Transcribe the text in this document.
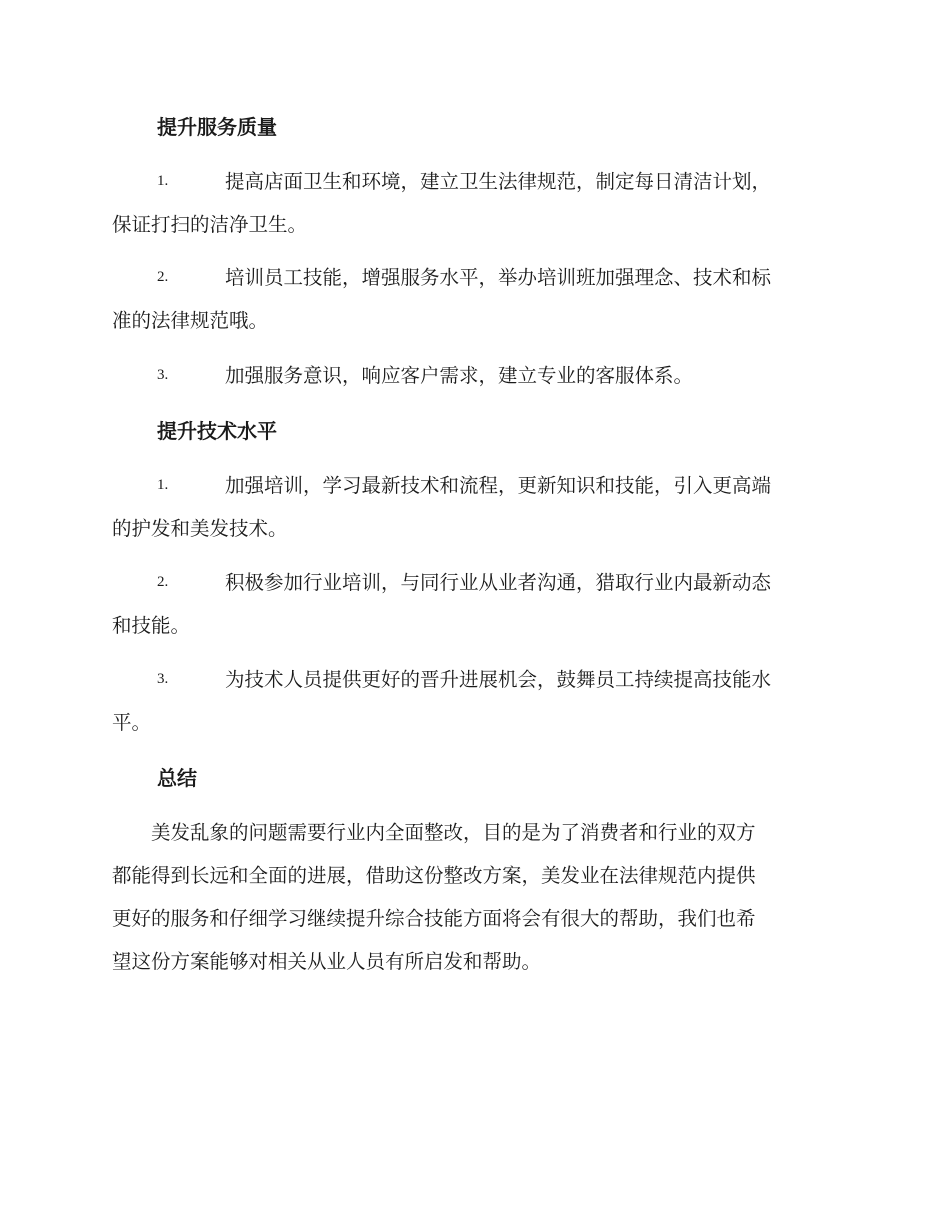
提升服务质量
1.	提高店面卫生和环境，建立卫生法律规范，制定每日清洁计划，
保证打扫的洁净卫生。
2.	培训员工技能，增强服务水平，举办培训班加强理念、技术和标
准的法律规范哦。
3.	加强服务意识，响应客户需求，建立专业的客服体系。
提升技术水平
1.	加强培训，学习最新技术和流程，更新知识和技能，引入更高端
的护发和美发技术。
2.	积极参加行业培训，与同行业从业者沟通，猎取行业内最新动态
和技能。
3.	为技术人员提供更好的晋升进展机会，鼓舞员工持续提高技能水
平。
总结
美发乱象的问题需要行业内全面整改，目的是为了消费者和行业的双方
都能得到长远和全面的进展，借助这份整改方案，美发业在法律规范内提供
更好的服务和仔细学习继续提升综合技能方面将会有很大的帮助，我们也希
望这份方案能够对相关从业人员有所启发和帮助。
